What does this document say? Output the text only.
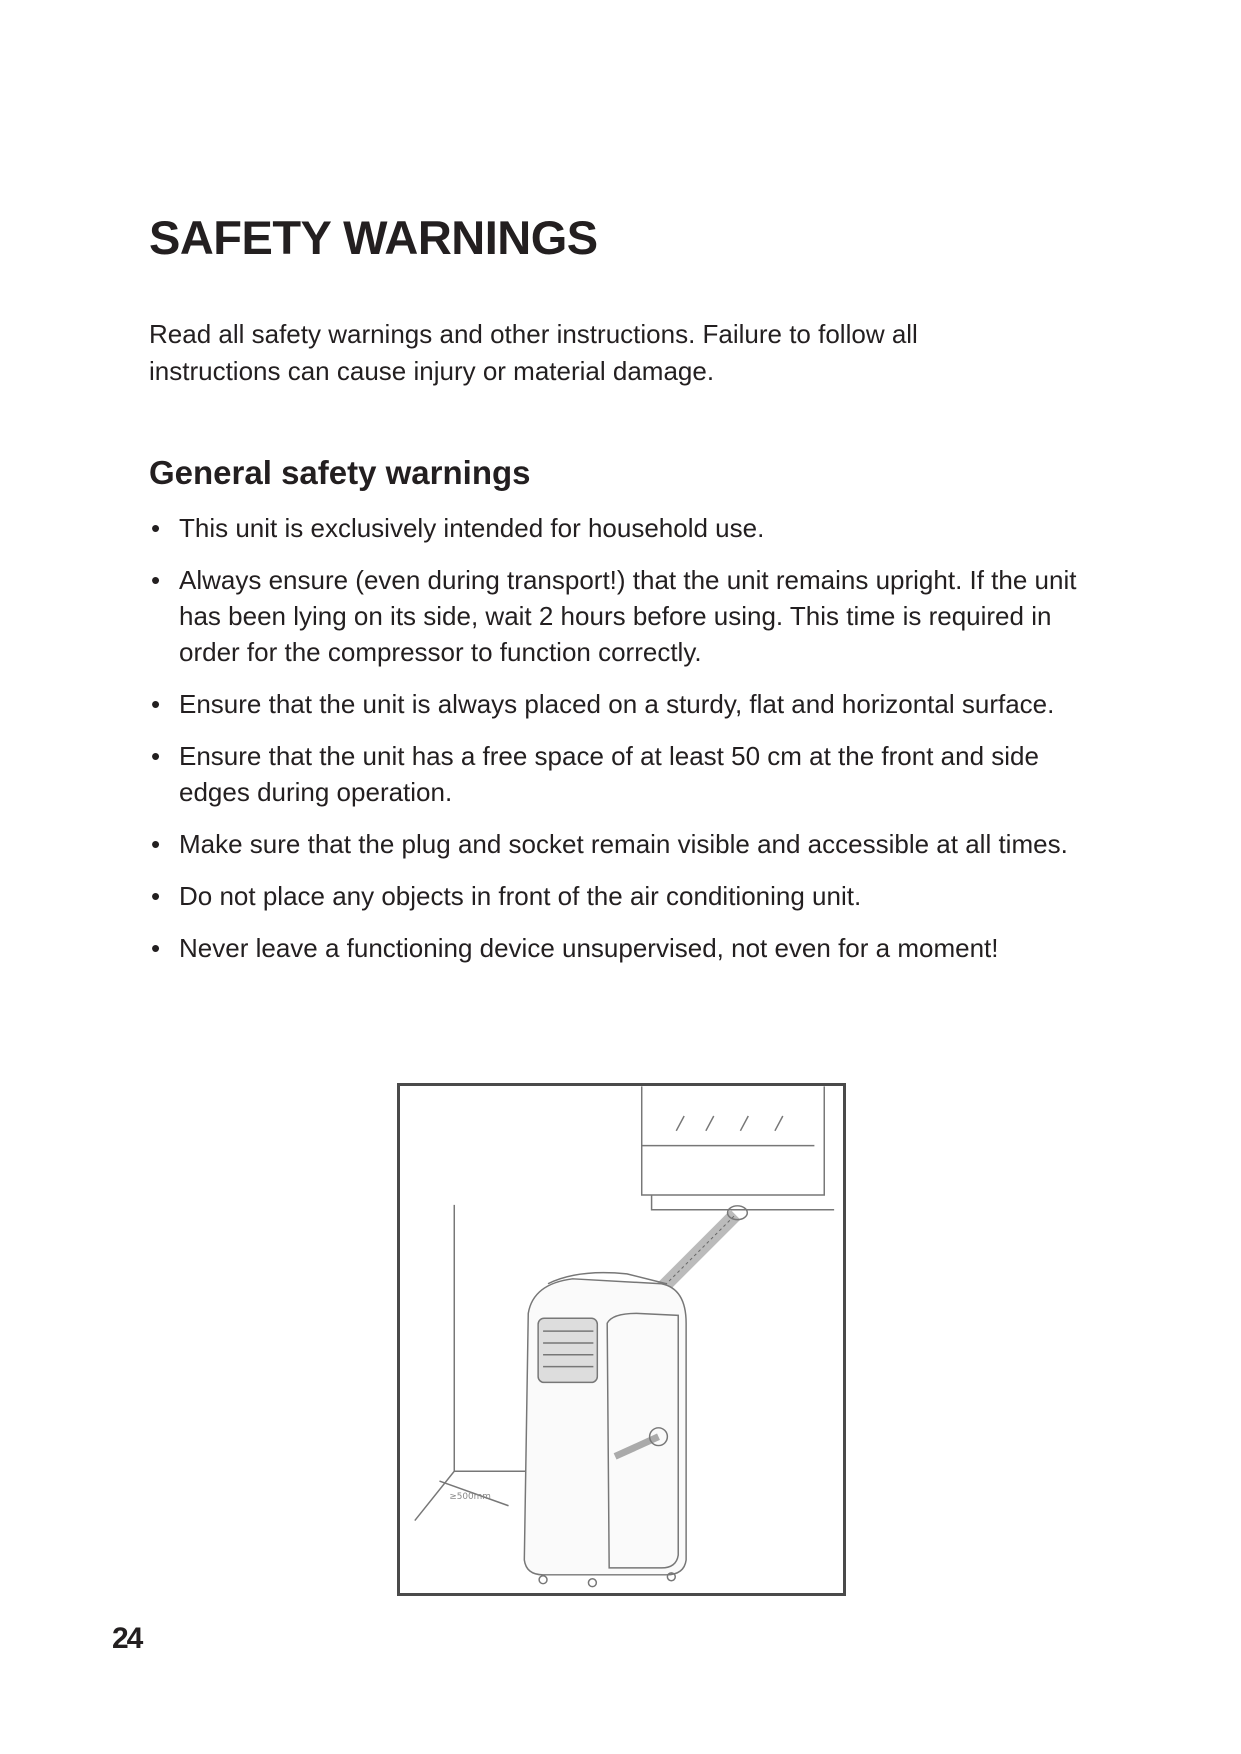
SAFETY WARNINGS

Read all safety warnings and other instructions. Failure to follow all instructions can cause injury or material damage.

General safety warnings
• This unit is exclusively intended for household use.
• Always ensure (even during transport!) that the unit remains upright. If the unit has been lying on its side, wait 2 hours before using. This time is required in order for the compressor to function correctly.
• Ensure that the unit is always placed on a sturdy, flat and horizontal surface.
• Ensure that the unit has a free space of at least 50 cm at the front and side edges during operation.
• Make sure that the plug and socket remain visible and accessible at all times.
• Do not place any objects in front of the air conditioning unit.
• Never leave a functioning device unsupervised, not even for a moment!
≥500mm

24
